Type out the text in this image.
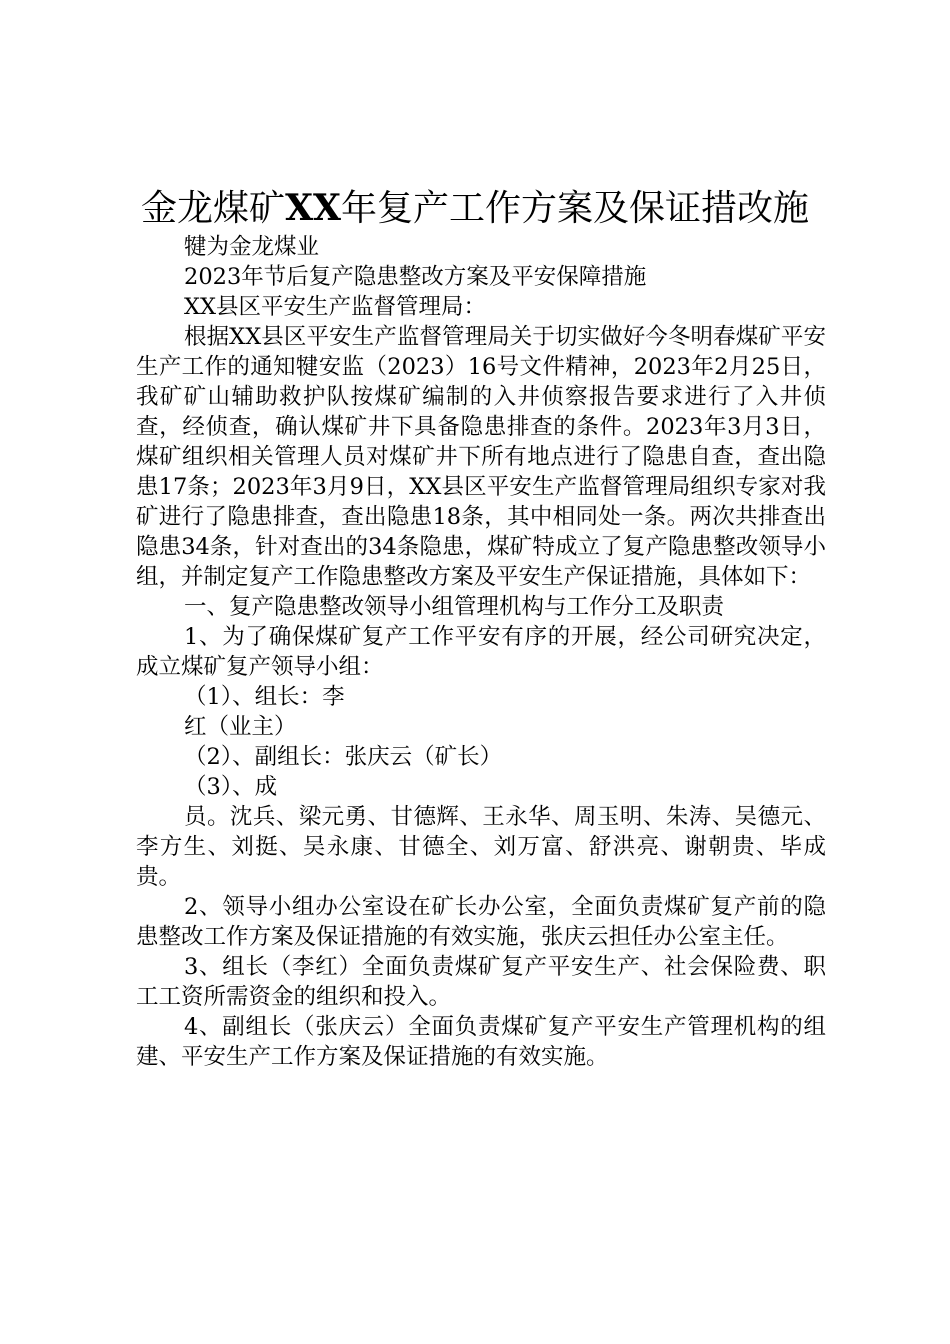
金龙煤矿XX年复产工作方案及保证措改施

犍为金龙煤业

2023年节后复产隐患整改方案及平安保障措施

XX县区平安生产监督管理局：

根据XX县区平安生产监督管理局关于切实做好今冬明春煤矿平安生产工作的通知犍安监（2023）16号文件精神，2023年2月25日，我矿矿山辅助救护队按煤矿编制的入井侦察报告要求进行了入井侦查，经侦查，确认煤矿井下具备隐患排查的条件。2023年3月3日，煤矿组织相关管理人员对煤矿井下所有地点进行了隐患自查，查出隐患17条；2023年3月9日，XX县区平安生产监督管理局组织专家对我矿进行了隐患排查，查出隐患18条，其中相同处一条。两次共排查出隐患34条，针对查出的34条隐患，煤矿特成立了复产隐患整改领导小组，并制定复产工作隐患整改方案及平安生产保证措施，具体如下：

一、复产隐患整改领导小组管理机构与工作分工及职责

1、为了确保煤矿复产工作平安有序的开展，经公司研究决定，成立煤矿复产领导小组：

（1）、组长：李

红（业主）

（2）、副组长：张庆云（矿长）

（3）、成

员。沈兵、梁元勇、甘德辉、王永华、周玉明、朱涛、吴德元、李方生、刘挺、吴永康、甘德全、刘万富、舒洪亮、谢朝贵、毕成贵。

2、领导小组办公室设在矿长办公室，全面负责煤矿复产前的隐患整改工作方案及保证措施的有效实施，张庆云担任办公室主任。

3、组长（李红）全面负责煤矿复产平安生产、社会保险费、职工工资所需资金的组织和投入。

4、副组长（张庆云）全面负责煤矿复产平安生产管理机构的组建、平安生产工作方案及保证措施的有效实施。
